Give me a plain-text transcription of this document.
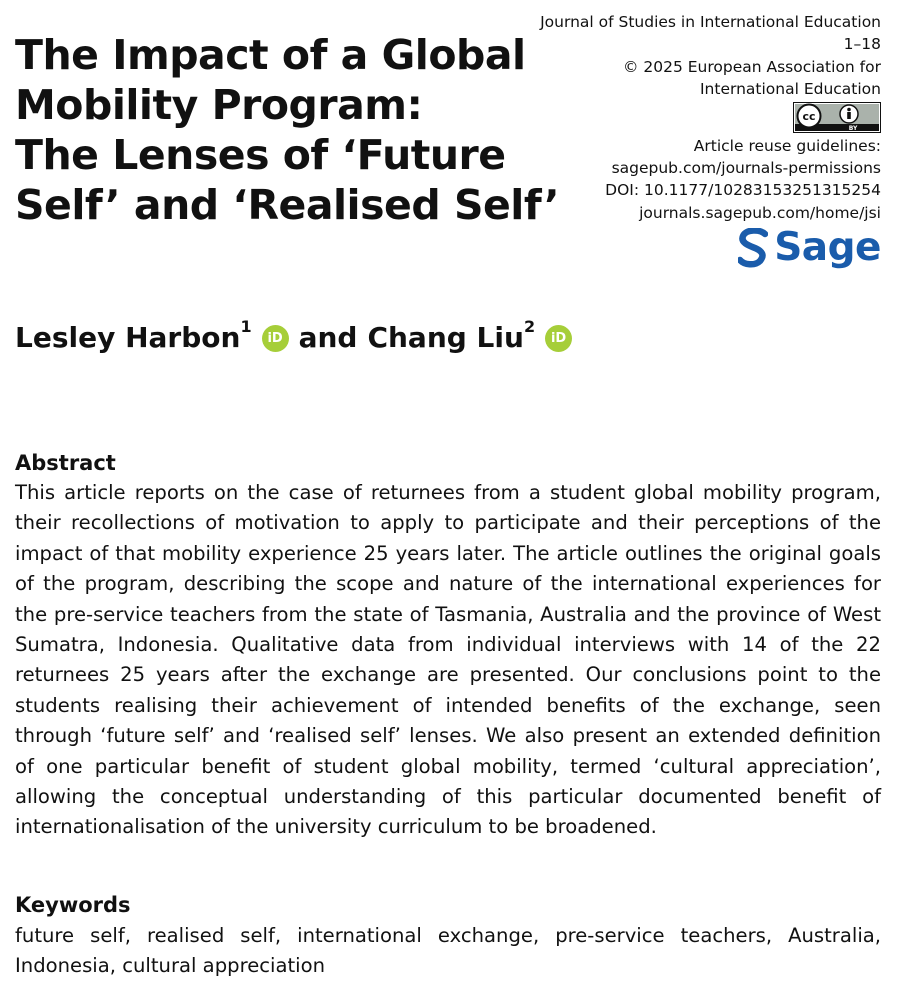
The Impact of a Global
Mobility Program:
The Lenses of ‘Future
Self’ and ‘Realised Self’
Journal of Studies in International Education
1–18
© 2025 European Association for
International Education
cc
BY
Article reuse guidelines:
sagepub.com/journals-permissions
DOI: 10.1177/10283153251315254
journals.sagepub.com/home/jsi
Sage
Lesley Harbon$^1$
iD and Chang Liu$^2$
iD
Abstract

This article reports on the case of returnees from a student global mobility program, their recollections of motivation to apply to participate and their perceptions of the impact of that mobility experience 25 years later. The article outlines the original goals of the program, describing the scope and nature of the international experiences for the pre-service teachers from the state of Tasmania, Australia and the province of West Sumatra, Indonesia. Qualitative data from individual interviews with 14 of the 22 returnees 25 years after the exchange are presented. Our conclusions point to the students realising their achievement of intended benefits of the exchange, seen through ‘future self’ and ‘realised self’ lenses. We also present an extended definition of one particular benefit of student global mobility, termed ‘cultural appreciation’, allowing the conceptual understanding of this particular documented benefit of internationalisation of the university curriculum to be broadened.

Keywords

future self, realised self, international exchange, pre-service teachers, Australia, Indonesia, cultural appreciation
